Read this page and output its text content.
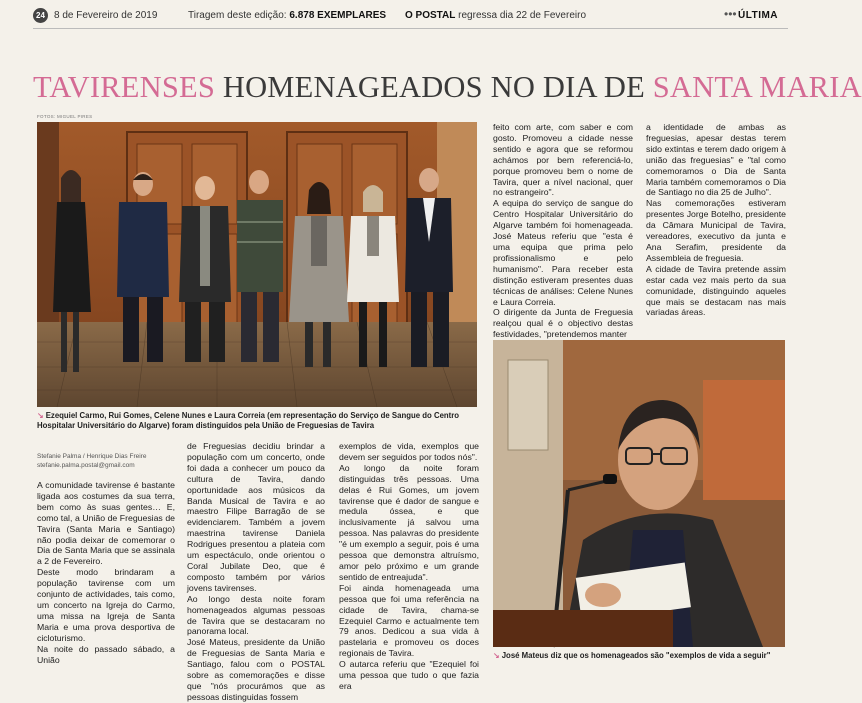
24 8 de Fevereiro de 2019	Tiragem deste edição: 6.878 EXEMPLARES O POSTAL regressa dia 22 de Fevereiro	••• ÚLTIMA
TAVIRENSES HOMENAGEADOS NO DIA DE SANTA MARIA
FOTOS: MIGUEL PIRES
↘ Ezequiel Carmo, Rui Gomes, Celene Nunes e Laura Correia (em representação do Serviço de Sangue do Centro Hospitalar Universitário do Algarve) foram distinguidos pela União de Freguesias de Tavira
Stefanie Palma / Henrique Dias Freire
stefanie.palma.postal@gmail.com

A comunidade tavirense é bastante ligada aos costumes da sua terra, bem como às suas gentes… E, como tal, a União de Freguesias de Tavira (Santa Maria e Santiago) não podia deixar de comemorar o Dia de Santa Maria que se assinala a 2 de Fevereiro.

Deste modo brindaram a população tavirense com um conjunto de actividades, tais como, um concerto na Igreja do Carmo, uma missa na Igreja de Santa Maria e uma prova desportiva de cicloturismo.

Na noite do passado sábado, a União

de Freguesias decidiu brindar a população com um concerto, onde foi dada a conhecer um pouco da cultura de Tavira, dando oportunidade aos músicos da Banda Musical de Tavira e ao maestro Filipe Barragão de se evidenciarem. Também a jovem maestrina tavirense Daniela Rodrigues presentou a plateia com um espectáculo, onde orientou o Coral Jubilate Deo, que é composto também por vários jovens tavirenses.

Ao longo desta noite foram homenageados algumas pessoas de Tavira que se destacaram no panorama local.

José Mateus, presidente da União de Freguesias de Santa Maria e Santiago, falou com o POSTAL sobre as comemorações e disse que "nós procurámos que as pessoas distinguidas fossem

exemplos de vida, exemplos que devem ser seguidos por todos nós".

Ao longo da noite foram distinguidas três pessoas. Uma delas é Rui Gomes, um jovem tavirense que é dador de sangue e medula óssea, e que inclusivamente já salvou uma pessoa. Nas palavras do presidente "é um exemplo a seguir, pois é uma pessoa que demonstra altruísmo, amor pelo próximo e um grande sentido de entreajuda".

Foi ainda homenageada uma pessoa que foi uma referência na cidade de Tavira, chama-se Ezequiel Carmo e actualmente tem 79 anos. Dedicou a sua vida à pastelaria e promoveu os doces regionais de Tavira.

O autarca referiu que "Ezequiel foi uma pessoa que tudo o que fazia era

feito com arte, com saber e com gosto. Promoveu a cidade nesse sentido e agora que se reformou achámos por bem referenciá-lo, porque promoveu bem o nome de Tavira, quer a nível nacional, quer no estrangeiro".

A equipa do serviço de sangue do Centro Hospitalar Universitário do Algarve também foi homenageada. José Mateus referiu que "esta é uma equipa que prima pelo profissionalismo e pelo humanismo". Para receber esta distinção estiveram presentes duas técnicas de análises: Celene Nunes e Laura Correia.

O dirigente da Junta de Freguesia realçou qual é o objectivo destas festividades, "pretendemos manter

a identidade de ambas as freguesias, apesar destas terem sido extintas e terem dado origem à união das freguesias" e "tal como comemoramos o Dia de Santa Maria também comemoramos o Dia de Santiago no dia 25 de Julho".

Nas comemorações estiveram presentes Jorge Botelho, presidente da Câmara Municipal de Tavira, vereadores, executivo da junta e Ana Serafim, presidente da Assembleia de freguesia.

A cidade de Tavira pretende assim estar cada vez mais perto da sua comunidade, distinguindo aqueles que mais se destacam nas mais variadas áreas.

↘ José Mateus diz que os homenageados são "exemplos de vida a seguir"
